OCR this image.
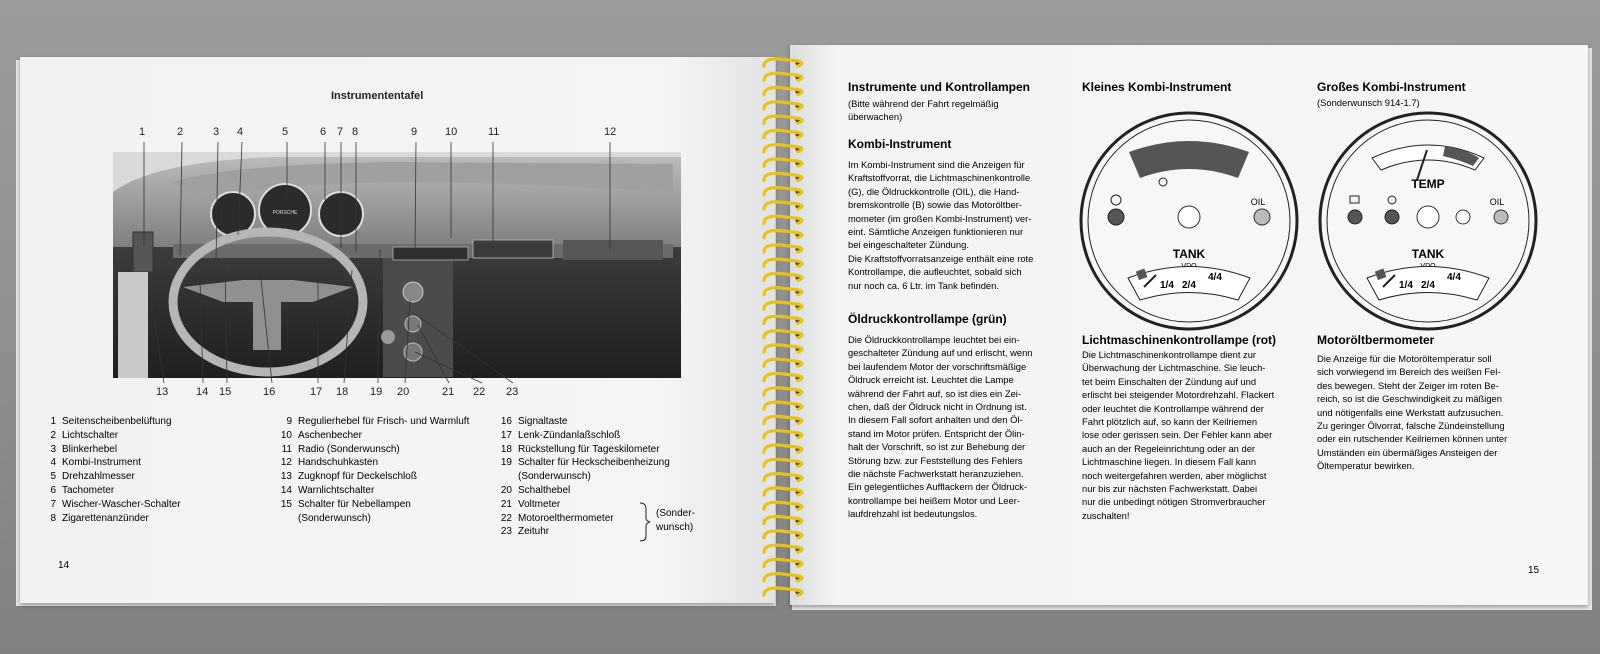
Instrumententafel
1	2	3 4	5	6 7 8	9	10	11	12
13	14 15	16	17 18 19 20	21 22 23
PORSCHE
1 Seitenscheibenbelüftung
2 Lichtschalter
3 Blinkerhebel
4 Kombi-Instrument
5 Drehzahlmesser
6 Tachometer
7 Wischer-Wascher-Schalter
8 Zigarettenanzünder
9 Regulierhebel für Frisch- und Warmluft
10 Aschenbecher
11 Radio (Sonderwunsch)
12 Handschuhkasten
13 Zugknopf für Deckelschloß
14 Warnlichtschalter
15 Schalter für Nebellampen
(Sonderwunsch)
16 Signaltaste
17 Lenk-Zündanlaßschloß
18 Rückstellung für Tageskilometer
19 Schalter für Heckscheibenheizung
(Sonderwunsch)
20 Schalthebel
21 Voltmeter
22 Motoroelthermometer
23 Zeituhr
(Sonder-
wunsch)
14
Instrumente und Kontrollampen
(Bitte während der Fahrt regelmäßig
überwachen)
Kombi-Instrument
Im Kombi-Instrument sind die Anzeigen für
Kraftstoffvorrat, die Lichtmaschinenkontrolle
(G), die Öldruckkontrolle (OIL), die Hand-
bremskontrolle (B) sowie das Motoröltber-
mometer (im großen Kombi-Instrument) ver-
eint. Sämtliche Anzeigen funktionieren nur
bei eingeschalteter Zündung.
Die Kraftstoffvorratsanzeige enthält eine rote
Kontrollampe, die aufleuchtet, sobald sich
nur noch ca. 6 Ltr. im Tank befinden.
Öldruckkontrollampe (grün)
Die Öldruckkontrollampe leuchtet bei ein-
geschalteter Zündung auf und erlischt, wenn
bei laufendem Motor der vorschriftsmäßige
Öldruck erreicht ist. Leuchtet die Lampe
während der Fahrt auf, so ist dies ein Zei-
chen, daß der Öldruck nicht in Ordnung ist.
In diesem Fall sofort anhalten und den Öl-
stand im Motor prüfen. Entspricht der Ölin-
halt der Vorschrift, so ist zur Behebung der
Störung bzw. zur Feststellung des Fehlers
die nächste Fachwerkstatt heranzuziehen.
Ein gelegentliches Aufflackern der Öldruck-
kontrollampe bei heißem Motor und Leer-
laufdrehzahl ist bedeutungslos.
Kleines Kombi-Instrument
OIL
TANK
1/4 2/4
4/4
Lichtmaschinenkontrollampe (rot)
Die Lichtmaschinenkontrollampe dient zur
Überwachung der Lichtmaschine. Sie leuch-
tet beim Einschalten der Zündung auf und
erlischt bei steigender Motordrehzahl. Flackert
oder leuchtet die Kontrollampe während der
Fahrt plötzlich auf, so kann der Keilriemen
lose oder gerissen sein. Der Fehler kann aber
auch an der Regeleinrichtung oder an der
Lichtmaschine liegen. In diesem Fall kann
noch weitergefahren werden, aber möglichst
nur bis zur nächsten Fachwerkstatt. Dabei
nur die unbedingt nötigen Stromverbraucher
zuschalten!
Großes Kombi-Instrument
(Sonderwunsch 914-1.7)
TEMP
OIL
TANK
1/4 2/4
4/4
Motoröltbermometer
Die Anzeige für die Motoröltemperatur soll
sich vorwiegend im Bereich des weißen Fel-
des bewegen. Steht der Zeiger im roten Be-
reich, so ist die Geschwindigkeit zu mäßigen
und nötigenfalls eine Werkstatt aufzusuchen.
Zu geringer Ölvorrat, falsche Zündeinstellung
oder ein rutschender Keilriemen können unter
Umständen ein übermäßiges Ansteigen der
Öltemperatur bewirken.
15
